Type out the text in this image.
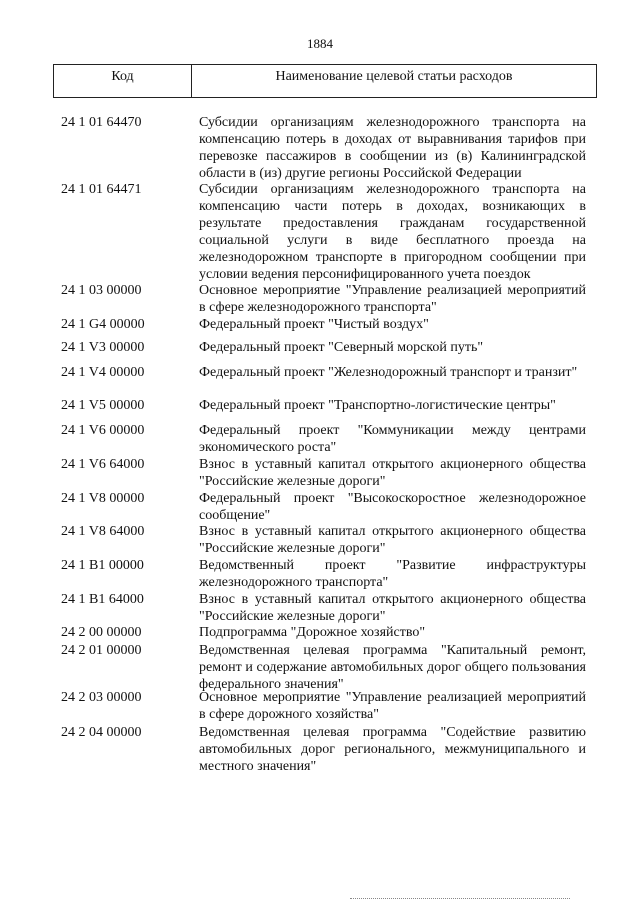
1884
Код	Наименование целевой статьи расходов
24 1 01 64470	Субсидии организациям железнодорожного транспорта на компенсацию потерь в доходах от выравнивания тарифов при перевозке пассажиров в сообщении из (в) Калининградской области в (из) другие регионы Российской Федерации
24 1 01 64471	Субсидии организациям железнодорожного транспорта на компенсацию части потерь в доходах, возникающих в результате предоставления гражданам государственной социальной услуги в виде бесплатного проезда на железнодорожном транспорте в пригородном сообщении при условии ведения персонифицированного учета поездок
24 1 03 00000	Основное мероприятие "Управление реализацией мероприятий в сфере железнодорожного транспорта"
24 1 G4 00000	Федеральный проект "Чистый воздух"
24 1 V3 00000	Федеральный проект "Северный морской путь"
24 1 V4 00000	Федеральный проект "Железнодорожный транспорт и транзит"
24 1 V5 00000	Федеральный проект "Транспортно-логистические центры"
24 1 V6 00000	Федеральный проект "Коммуникации между центрами экономического роста"
24 1 V6 64000	Взнос в уставный капитал открытого акционерного общества "Российские железные дороги"
24 1 V8 00000	Федеральный проект "Высокоскоростное железнодорожное сообщение"
24 1 V8 64000	Взнос в уставный капитал открытого акционерного общества "Российские железные дороги"
24 1 B1 00000	Ведомственный проект "Развитие инфраструктуры железнодорожного транспорта"
24 1 B1 64000	Взнос в уставный капитал открытого акционерного общества "Российские железные дороги"
24 2 00 00000	Подпрограмма "Дорожное хозяйство"
24 2 01 00000	Ведомственная целевая программа "Капитальный ремонт, ремонт и содержание автомобильных дорог общего пользования федерального значения"
24 2 03 00000	Основное мероприятие "Управление реализацией мероприятий в сфере дорожного хозяйства"
24 2 04 00000	Ведомственная целевая программа "Содействие развитию автомобильных дорог регионального, межмуниципального и местного значения"
